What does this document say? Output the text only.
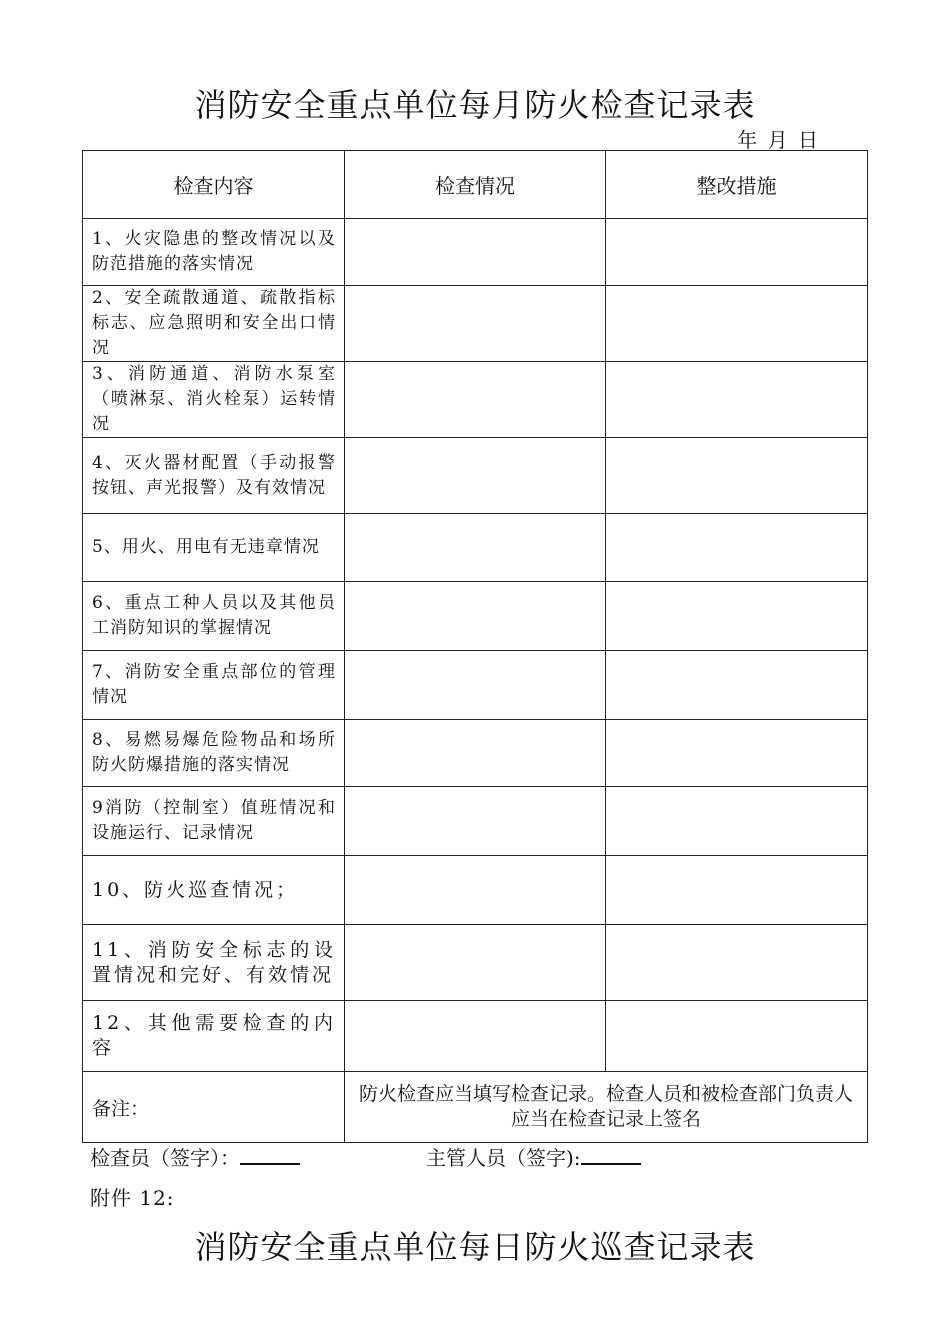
消防安全重点单位每月防火检查记录表
年 月 日
检查内容	检查情况	整改措施
1、火灾隐患的整改情况以及防范措施的落实情况		
2、安全疏散通道、疏散指标标志、应急照明和安全出口情况		
3、消防通道、消防水泵室（喷淋泵、消火栓泵）运转情况		
4、灭火器材配置（手动报警按钮、声光报警）及有效情况		
5、用火、用电有无违章情况		
6、重点工种人员以及其他员工消防知识的掌握情况		
7、消防安全重点部位的管理情况		
8、易燃易爆危险物品和场所防火防爆措施的落实情况		
9消防（控制室）值班情况和设施运行、记录情况		
10、防火巡查情况；		
11、消防安全标志的设置情况和完好、有效情况		
12、其他需要检查的内容		
备注：	防火检查应当填写检查记录。检查人员和被检查部门负责人应当在检查记录上签名	
检查员（签字）：	主管人员（签字):
附件 12:
消防安全重点单位每日防火巡查记录表
